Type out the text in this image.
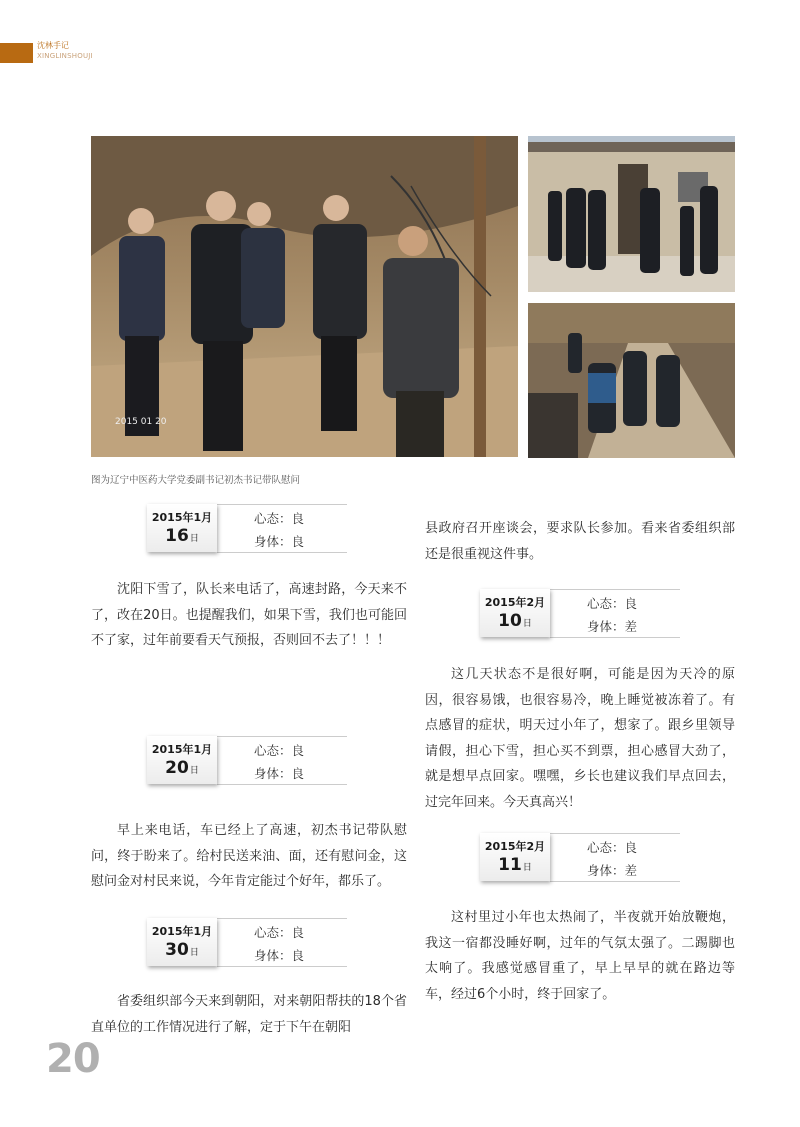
沈林手记
XINGLINSHOUJI
2015 01 20
图为辽宁中医药大学党委副书记初杰书记带队慰问
2015年1月
16日
心态：良
身体：良

沈阳下雪了，队长来电话了，高速封路，今天来不了，改在20日。也提醒我们，如果下雪，我们也可能回不了家，过年前要看天气预报，否则回不去了！！！

2015年1月
20日
心态：良
身体：良

早上来电话，车已经上了高速，初杰书记带队慰问，终于盼来了。给村民送来油、面，还有慰问金，这慰问金对村民来说，今年肯定能过个好年，都乐了。

2015年1月
30日
心态：良
身体：良

省委组织部今天来到朝阳，对来朝阳帮扶的18个省直单位的工作情况进行了解，定于下午在朝阳

县政府召开座谈会，要求队长参加。看来省委组织部还是很重视这件事。

2015年2月
10日
心态：良
身体：差

这几天状态不是很好啊，可能是因为天冷的原因，很容易饿，也很容易冷，晚上睡觉被冻着了。有点感冒的症状，明天过小年了，想家了。跟乡里领导请假，担心下雪，担心买不到票，担心感冒大劲了，就是想早点回家。嘿嘿，乡长也建议我们早点回去，过完年回来。今天真高兴！

2015年2月
11日
心态：良
身体：差

这村里过小年也太热闹了，半夜就开始放鞭炮，我这一宿都没睡好啊，过年的气氛太强了。二踢脚也太响了。我感觉感冒重了，早上早早的就在路边等车，经过6个小时，终于回家了。

20
